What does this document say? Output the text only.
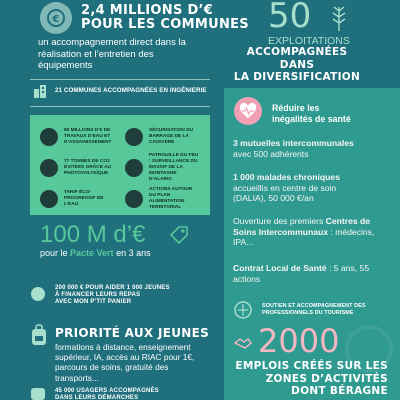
€
2,4 MILLIONS D’€
POUR LES COMMUNES
un accompagnement direct dans la réalisation et l’entretien des équipements
21 COMMUNES ACCOMPAGNÉES EN INGÉNIERIE
80 MILLIONS D’€ DE TRAVAUX D’EAU ET D’ASSAINISSEMENT
SÉCURISATION DU BARRAGE DE LA CAVAYÈRE
77 TONNES DE CO2 ÉVITÉES GRÂCE AU PHOTOVOLTAÏQUE
PATROUILLE DU FEU : SURVEILLANCE DU MASSIF DE LA MONTAGNE D’ALARIC
TARIF ÉCO-PROGRESSIF DE L’EAU
ACTIONS AUTOUR DU PLAN ALIMENTATION TERRITORIAL
100 M d’€
pour le Pacte Vert en 3 ans
200 000 € POUR AIDER 1 000 JEUNES
À FINANCER LEURS REPAS
AVEC MON P’TIT PANIER
PRIORITÉ AUX JEUNES
formations à distance, enseignement supérieur, IA, accès au RIAC pour 1€, parcours de soins, gratuité des transports...
45 000 USAGERS ACCOMPAGNÉS
DANS LEURS DÉMARCHES
50
EXPLOITATIONS
ACCOMPAGNÉES DANS
LA DIVERSIFICATION
Réduire les
inégalités de santé
3 mutuelles intercommunales
avec 500 adhérents
1 000 malades chroniques
accueillis en centre de soin
(DALIA), 50 000 €/an
Ouverture des premiers Centres de Soins Intercommunaux : médecins, IPA...
Contrat Local de Santé : 5 ans, 55 actions
SOUTIEN ET ACCOMPAGNEMENT DES
PROFESSIONNELS DU TOURISME
2000
EMPLOIS CRÉÉS SUR LES
ZONES D’ACTIVITÉS
DONT BÉRAGNE
